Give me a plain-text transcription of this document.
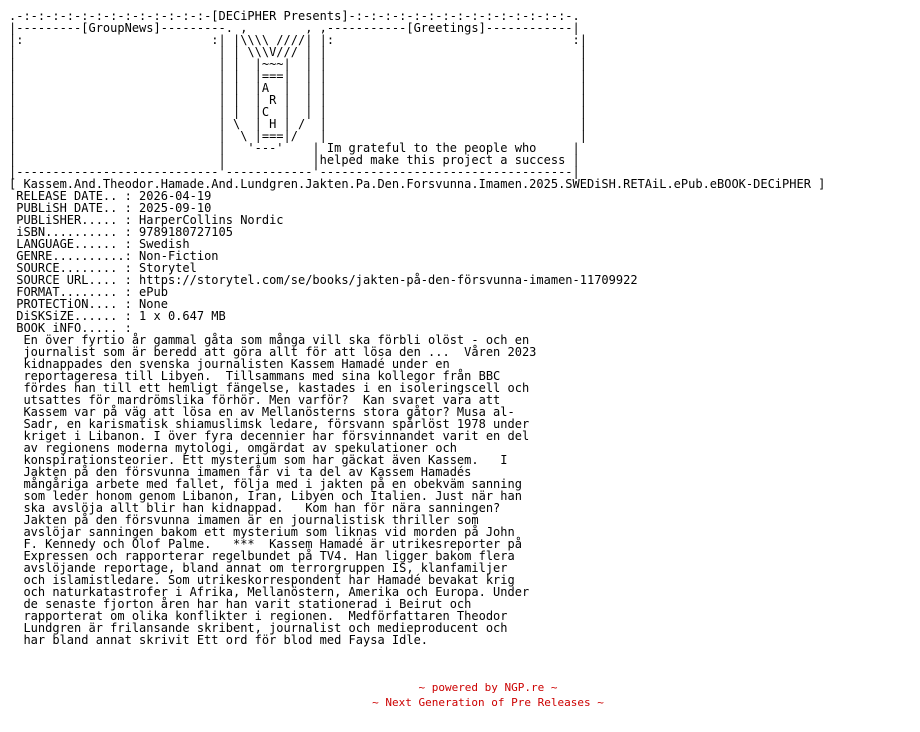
.-:-:-:-:-:-:-:-:-:-:-:-:-:-[DECiPHER Presents]-:-:-:-:-:-:-:-:-:-:-:-:-:-:-:-.
|---------[GroupNews]---------. ,        , ,-----------[Greetings]------------|
|:                          :| |\\\\ ////| |:                                 :|
|                            | | \\\V/// | |                                   |
|                            | |  |~~~|  | |                                   |
|                            | |  |===|  | |                                   |
|                            | |  |A  |  | |                                   |
|                            | |  | R |  | |                                   |
|                            | |  |C  |  | |                                   |
|                            | \  | H | /  |                                   |
|                            |  \ |===|/   |                                   |
|                            |   '---'    | Im grateful to the people who     |
|                            |            |helped make this project a success |
|----------------------------'------------'-----------------------------------|
[ Kassem.And.Theodor.Hamade.And.Lundgren.Jakten.Pa.Den.Forsvunna.Imamen.2025.SWEDiSH.RETAiL.ePub.eBOOK-DECiPHER ]
RELEASE DATE.. : 2026-04-19
PUBLiSH DATE.. : 2025-09-10
PUBLiSHER..... : HarperCollins Nordic
iSBN.......... : 9789180727105
LANGUAGE...... : Swedish
GENRE..........: Non-Fiction
SOURCE........ : Storytel
SOURCE URL.... : https://storytel.com/se/books/jakten-på-den-försvunna-imamen-11709922
FORMAT........ : ePub
PROTECTiON.... : None
DiSKSiZE...... : 1 x 0.647 MB
BOOK iNFO..... :
En över fyrtio år gammal gåta som många vill ska förbli olöst - och en
journalist som är beredd att göra allt för att lösa den ...  Våren 2023
kidnappades den svenska journalisten Kassem Hamadé under en
reportageresa till Libyen.  Tillsammans med sina kollegor från BBC
fördes han till ett hemligt fängelse, kastades i en isoleringscell och
utsattes för mardrömslika förhör. Men varför?  Kan svaret vara att
Kassem var på väg att lösa en av Mellanösterns stora gåtor? Musa al-
Sadr, en karismatisk shiamuslimsk ledare, försvann spårlöst 1978 under
kriget i Libanon. I över fyra decennier har försvinnandet varit en del
av regionens moderna mytologi, omgärdat av spekulationer och
konspirationsteorier. Ett mysterium som har gäckat även Kassem.   I
Jakten på den försvunna imamen får vi ta del av Kassem Hamadés
mångåriga arbete med fallet, följa med i jakten på en obekväm sanning
som leder honom genom Libanon, Iran, Libyen och Italien. Just när han
ska avslöja allt blir han kidnappad.   Kom han för nära sanningen?
Jakten på den försvunna imamen är en journalistisk thriller som
avslöjar sanningen bakom ett mysterium som liknas vid morden på John
F. Kennedy och Olof Palme.   ***  Kassem Hamadé är utrikesreporter på
Expressen och rapporterar regelbundet på TV4. Han ligger bakom flera
avslöjande reportage, bland annat om terrorgruppen IS, klanfamiljer
och islamistledare. Som utrikeskorrespondent har Hamadé bevakat krig
och naturkatastrofer i Afrika, Mellanöstern, Amerika och Europa. Under
de senaste fjorton åren har han varit stationerad i Beirut och
rapporterat om olika konflikter i regionen.  Medförfattaren Theodor
Lundgren är frilansande skribent, journalist och medieproducent och
har bland annat skrivit Ett ord för blod med Faysa Idle.
~ powered by NGP.re ~
~ Next Generation of Pre Releases ~
